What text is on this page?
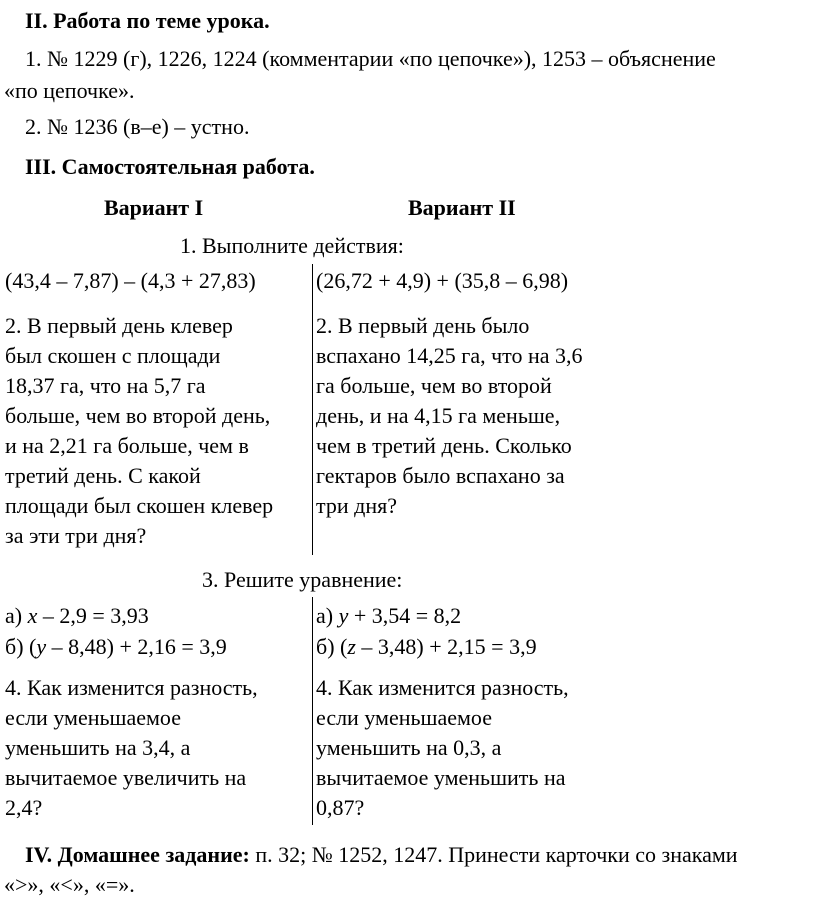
II. Работа по теме урока.
1. № 1229 (г), 1226, 1224 (комментарии «по цепочке»), 1253 – объяснение
«по цепочке».
2. № 1236 (в–е) – устно.
III. Самостоятельная работа.
Вариант I	Вариант II
1. Выполните действия:
(43,4 – 7,87) – (4,3 + 27,83)	(26,72 + 4,9) + (35,8 – 6,98)
2. В первый день клевер
был скошен с площади
18,37 га, что на 5,7 га
больше, чем во второй день,
и на 2,21 га больше, чем в
третий день. С какой
площади был скошен клевер
за эти три дня?
2. В первый день было
вспахано 14,25 га, что на 3,6
га больше, чем во второй
день, и на 4,15 га меньше,
чем в третий день. Сколько
гектаров было вспахано за
три дня?
3. Решите уравнение:
а) x – 2,9 = 3,93
б) (y – 8,48) + 2,16 = 3,9
а) y + 3,54 = 8,2
б) (z – 3,48) + 2,15 = 3,9
4. Как изменится разность,
если уменьшаемое
уменьшить на 3,4, а
вычитаемое увеличить на
2,4?
4. Как изменится разность,
если уменьшаемое
уменьшить на 0,3, а
вычитаемое уменьшить на
0,87?
IV. Домашнее задание: п. 32; № 1252, 1247. Принести карточки со знаками
«>», «<», «=».
